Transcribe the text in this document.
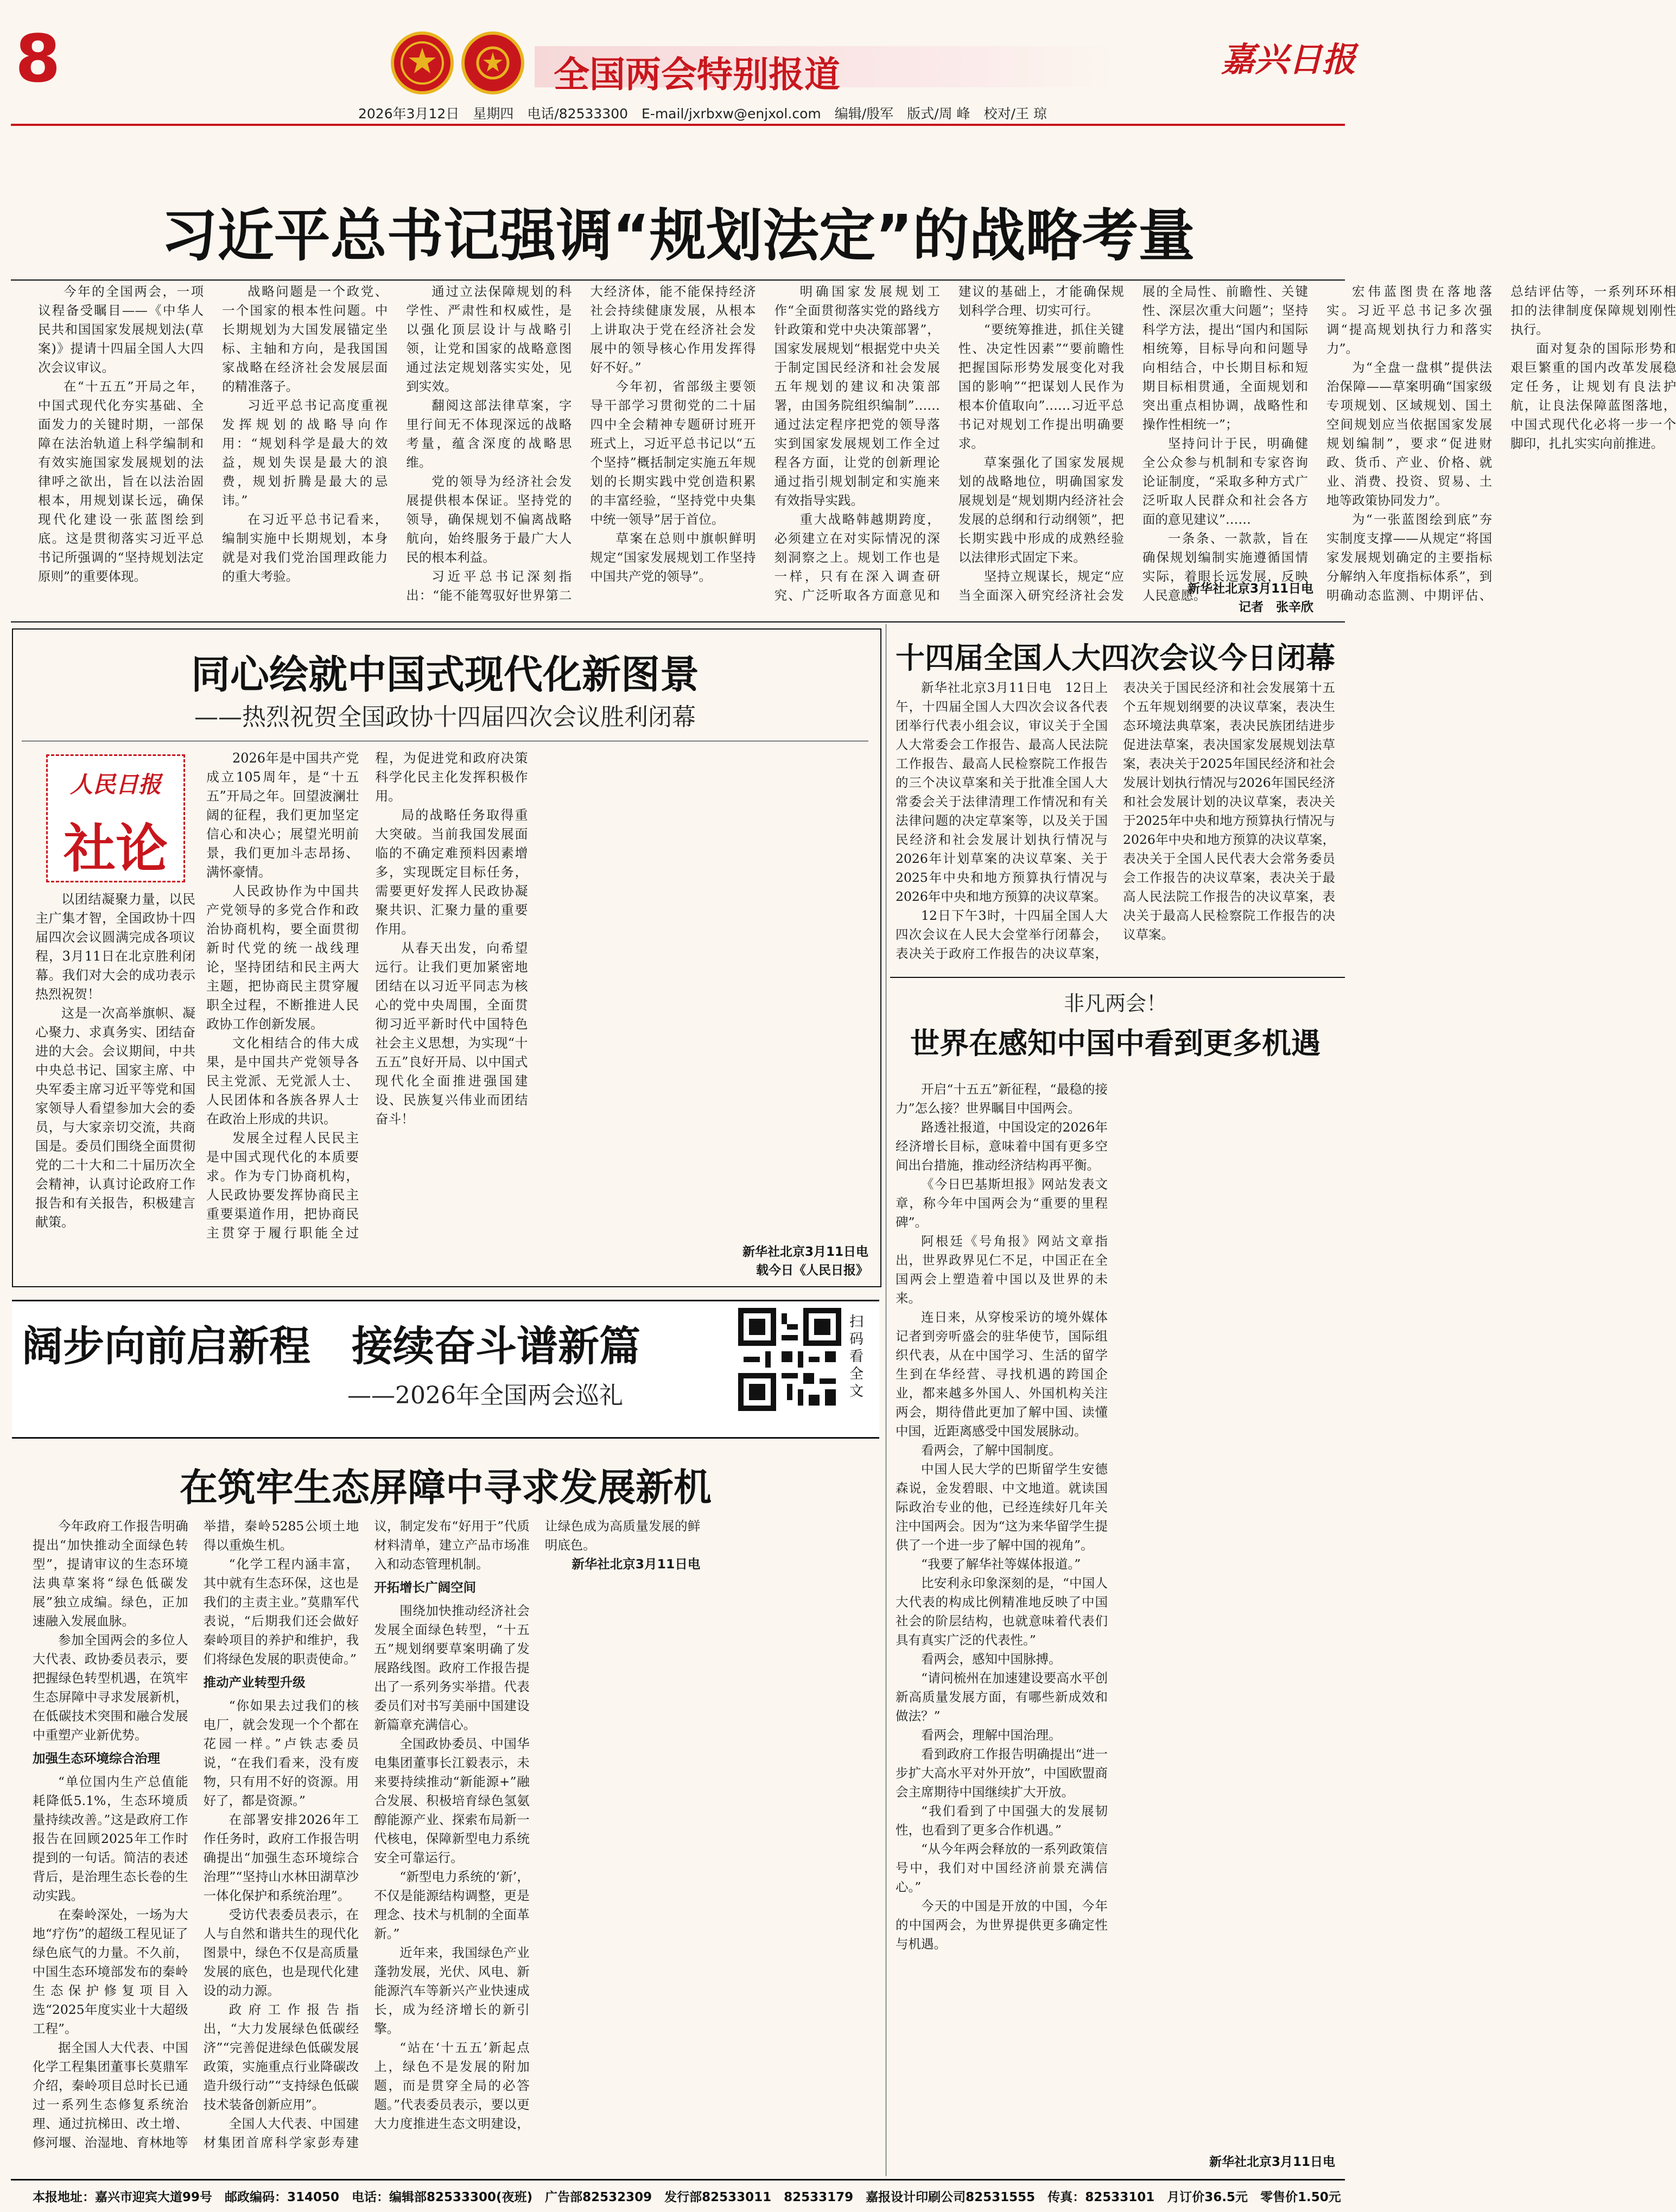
8	全国两会特别报道	嘉兴日报
2026年3月12日　星期四　电话/82533300　E-mail/jxrbxw@enjxol.com　编辑/殷军　版式/周 峰　校对/王 琼
习近平总书记强调“规划法定”的战略考量

今年的全国两会，一项议程备受瞩目——《中华人民共和国国家发展规划法(草案)》提请十四届全国人大四次会议审议。

在“十五五”开局之年，中国式现代化夯实基础、全面发力的关键时期，一部保障在法治轨道上科学编制和有效实施国家发展规划的法律呼之欲出，旨在以法治固根本，用规划谋长远，确保现代化建设一张蓝图绘到底。这是贯彻落实习近平总书记所强调的“坚持规划法定原则”的重要体现。

战略问题是一个政党、一个国家的根本性问题。中长期规划为大国发展锚定坐标、主轴和方向，是我国国家战略在经济社会发展层面的精准落子。

习近平总书记高度重视发挥规划的战略导向作用：“规划科学是最大的效益，规划失误是最大的浪费，规划折腾是最大的忌讳。”

在习近平总书记看来，编制实施中长期规划，本身就是对我们党治国理政能力的重大考验。

通过立法保障规划的科学性、严肃性和权威性，是以强化顶层设计与战略引领，让党和国家的战略意图通过法定规划落实实处，见到实效。

翻阅这部法律草案，字里行间无不体现深远的战略考量，蕴含深度的战略思维。

党的领导为经济社会发展提供根本保证。坚持党的领导，确保规划不偏离战略航向，始终服务于最广大人民的根本利益。

习近平总书记深刻指出：“能不能驾驭好世界第二大经济体，能不能保持经济社会持续健康发展，从根本上讲取决于党在经济社会发展中的领导核心作用发挥得好不好。”

今年初，省部级主要领导干部学习贯彻党的二十届四中全会精神专题研讨班开班式上，习近平总书记以“五个坚持”概括制定实施五年规划的长期实践中党创造积累的丰富经验，“坚持党中央集中统一领导”居于首位。

草案在总则中旗帜鲜明规定“国家发展规划工作坚持中国共产党的领导”。

明确国家发展规划工作“全面贯彻落实党的路线方针政策和党中央决策部署”，国家发展规划“根据党中央关于制定国民经济和社会发展五年规划的建议和决策部署，由国务院组织编制”……通过法定程序把党的领导落实到国家发展规划工作全过程各方面，让党的创新理论通过指引规划制定和实施来有效指导实践。

重大战略韩越期跨度，必须建立在对实际情况的深刻洞察之上。规划工作也是一样，只有在深入调查研究、广泛听取各方面意见和建议的基础上，才能确保规划科学合理、切实可行。

“要统筹推进，抓住关键性、决定性因素”“要前瞻性把握国际形势发展变化对我国的影响”“把谋划人民作为根本价值取向”……习近平总书记对规划工作提出明确要求。

草案强化了国家发展规划的战略地位，明确国家发展规划是“规划期内经济社会发展的总纲和行动纲领”，把长期实践中形成的成熟经验以法律形式固定下来。

坚持立规谋长，规定“应当全面深入研究经济社会发展的全局性、前瞻性、关键性、深层次重大问题”；坚持科学方法，提出“国内和国际相统筹，目标导向和问题导向相结合，中长期目标和短期目标相贯通，全面规划和突出重点相协调，战略性和操作性相统一”；

坚持问计于民，明确健全公众参与机制和专家咨询论证制度，“采取多种方式广泛听取人民群众和社会各方面的意见建议”……

一条条、一款款，旨在确保规划编制实施遵循国情实际，着眼长远发展，反映人民意愿。

宏伟蓝图贵在落地落实。习近平总书记多次强调“提高规划执行力和落实力”。

为“全盘一盘棋”提供法治保障——草案明确“国家级专项规划、区域规划、国土空间规划应当依据国家发展规划编制”，要求“促进财政、货币、产业、价格、就业、消费、投资、贸易、土地等政策协同发力”。

为“一张蓝图绘到底”夯实制度支撑——从规定“将国家发展规划确定的主要指标分解纳入年度指标体系”，到明确动态监测、中期评估、总结评估等，一系列环环相扣的法律制度保障规划刚性执行。

面对复杂的国际形势和艰巨繁重的国内改革发展稳定任务，让规划有良法护航，让良法保障蓝图落地，中国式现代化必将一步一个脚印，扎扎实实向前推进。

新华社北京3月11日电
记者　张辛欣
同心绘就中国式现代化新图景
——热烈祝贺全国政协十四届四次会议胜利闭幕
人民日报
社论

以团结凝聚力量，以民主广集才智，全国政协十四届四次会议圆满完成各项议程，3月11日在北京胜利闭幕。我们对大会的成功表示热烈祝贺！

这是一次高举旗帜、凝心聚力、求真务实、团结奋进的大会。会议期间，中共中央总书记、国家主席、中央军委主席习近平等党和国家领导人看望参加大会的委员，与大家亲切交流，共商国是。委员们围绕全面贯彻党的二十大和二十届历次全会精神，认真讨论政府工作报告和有关报告，积极建言献策。

2026年是中国共产党成立105周年，是“十五五”开局之年。回望波澜壮阔的征程，我们更加坚定信心和决心；展望光明前景，我们更加斗志昂扬、满怀豪情。

人民政协作为中国共产党领导的多党合作和政治协商机构，要全面贯彻新时代党的统一战线理论，坚持团结和民主两大主题，把协商民主贯穿履职全过程，不断推进人民政协工作创新发展。

文化相结合的伟大成果，是中国共产党领导各民主党派、无党派人士、人民团体和各族各界人士在政治上形成的共识。

发展全过程人民民主是中国式现代化的本质要求。作为专门协商机构，人民政协要发挥协商民主重要渠道作用，把协商民主贯穿于履行职能全过程，为促进党和政府决策科学化民主化发挥积极作用。

局的战略任务取得重大突破。当前我国发展面临的不确定难预料因素增多，实现既定目标任务，需要更好发挥人民政协凝聚共识、汇聚力量的重要作用。

从春天出发，向希望远行。让我们更加紧密地团结在以习近平同志为核心的党中央周围，全面贯彻习近平新时代中国特色社会主义思想，为实现“十五五”良好开局、以中国式现代化全面推进强国建设、民族复兴伟业而团结奋斗！

新华社北京3月11日电
载今日《人民日报》
十四届全国人大四次会议今日闭幕

新华社北京3月11日电　12日上午，十四届全国人大四次会议各代表团举行代表小组会议，审议关于全国人大常委会工作报告、最高人民法院工作报告、最高人民检察院工作报告的三个决议草案和关于批准全国人大常委会关于法律清理工作情况和有关法律问题的决定草案等，以及关于国民经济和社会发展计划执行情况与2026年计划草案的决议草案、关于2025年中央和地方预算执行情况与2026年中央和地方预算的决议草案。

12日下午3时，十四届全国人大四次会议在人民大会堂举行闭幕会，表决关于政府工作报告的决议草案，表决关于国民经济和社会发展第十五个五年规划纲要的决议草案，表决生态环境法典草案，表决民族团结进步促进法草案，表决国家发展规划法草案，表决关于2025年国民经济和社会发展计划执行情况与2026年国民经济和社会发展计划的决议草案，表决关于2025年中央和地方预算执行情况与2026年中央和地方预算的决议草案，表决关于全国人民代表大会常务委员会工作报告的决议草案，表决关于最高人民法院工作报告的决议草案，表决关于最高人民检察院工作报告的决议草案。

非凡两会！
世界在感知中国中看到更多机遇

开启“十五五”新征程，“最稳的接力”怎么接？世界瞩目中国两会。

路透社报道，中国设定的2026年经济增长目标，意味着中国有更多空间出台措施，推动经济结构再平衡。

《今日巴基斯坦报》网站发表文章，称今年中国两会为“重要的里程碑”。

阿根廷《号角报》网站文章指出，世界政界见仁不足，中国正在全国两会上塑造着中国以及世界的未来。

连日来，从穿梭采访的境外媒体记者到旁听盛会的驻华使节，国际组织代表，从在中国学习、生活的留学生到在华经营、寻找机遇的跨国企业，都来越多外国人、外国机构关注两会，期待借此更加了解中国、读懂中国，近距离感受中国发展脉动。

看两会，了解中国制度。

中国人民大学的巴斯留学生安德森说，金发碧眼、中文地道。就读国际政治专业的他，已经连续好几年关注中国两会。因为“这为来华留学生提供了一个进一步了解中国的视角”。

“我要了解华社等媒体报道。”

比安利永印象深刻的是，“中国人大代表的构成比例精准地反映了中国社会的阶层结构，也就意味着代表们具有真实广泛的代表性。”

看两会，感知中国脉搏。

“请问梳州在加速建设要高水平创新高质量发展方面，有哪些新成效和做法？”

看两会，理解中国治理。

看到政府工作报告明确提出“进一步扩大高水平对外开放”，中国欧盟商会主席期待中国继续扩大开放。

“我们看到了中国强大的发展韧性，也看到了更多合作机遇。”

“从今年两会释放的一系列政策信号中，我们对中国经济前景充满信心。”

今天的中国是开放的中国，今年的中国两会，为世界提供更多确定性与机遇。

新华社北京3月11日电
阔步向前启新程　接续奋斗谱新篇
——2026年全国两会巡礼
扫码看全文
在筑牢生态屏障中寻求发展新机

今年政府工作报告明确提出“加快推动全面绿色转型”，提请审议的生态环境法典草案将“绿色低碳发展”独立成编。绿色，正加速融入发展血脉。

参加全国两会的多位人大代表、政协委员表示，要把握绿色转型机遇，在筑牢生态屏障中寻求发展新机，在低碳技术突围和融合发展中重塑产业新优势。

加强生态环境综合治理

“单位国内生产总值能耗降低5.1%，生态环境质量持续改善。”这是政府工作报告在回顾2025年工作时提到的一句话。简洁的表述背后，是治理生态长卷的生动实践。

在秦岭深处，一场为大地“疗伤”的超级工程见证了绿色底气的力量。不久前，中国生态环境部发布的秦岭生态保护修复项目入选“2025年度实业十大超级工程”。

据全国人大代表、中国化学工程集团董事长莫鼎军介绍，秦岭项目总时长已通过一系列生态修复系统治理、通过抗梯田、改土增、修河堰、治湿地、育林地等举措，秦岭5285公顷土地得以重焕生机。

“化学工程内涵丰富，其中就有生态环保，这也是我们的主责主业。”莫鼎军代表说，“后期我们还会做好秦岭项目的养护和维护，我们将绿色发展的职责使命。”

推动产业转型升级

“你如果去过我们的核电厂，就会发现一个个都在花园一样。”卢铁志委员说，“在我们看来，没有废物，只有用不好的资源。用好了，都是资源。”

在部署安排2026年工作任务时，政府工作报告明确提出“加强生态环境综合治理”“坚持山水林田湖草沙一体化保护和系统治理”。

受访代表委员表示，在人与自然和谐共生的现代化图景中，绿色不仅是高质量发展的底色，也是现代化建设的动力源。

政府工作报告指出，“大力发展绿色低碳经济”“完善促进绿色低碳发展政策，实施重点行业降碳改造升级行动”“支持绿色低碳技术装备创新应用”。

全国人大代表、中国建材集团首席科学家彭寿建议，制定发布“好用于”代质材料清单，建立产品市场准入和动态管理机制。

开拓增长广阔空间

围绕加快推动经济社会发展全面绿色转型，“十五五”规划纲要草案明确了发展路线图。政府工作报告提出了一系列务实举措。代表委员们对书写美丽中国建设新篇章充满信心。

全国政协委员、中国华电集团董事长江毅表示，未来要持续推动“新能源+”融合发展、积极培育绿色氢氨醇能源产业、探索布局新一代核电，保障新型电力系统安全可靠运行。

“新型电力系统的‘新’，不仅是能源结构调整，更是理念、技术与机制的全面革新。”

近年来，我国绿色产业蓬勃发展，光伏、风电、新能源汽车等新兴产业快速成长，成为经济增长的新引擎。

“站在‘十五五’新起点上，绿色不是发展的附加题，而是贯穿全局的必答题。”代表委员表示，要以更大力度推进生态文明建设，让绿色成为高质量发展的鲜明底色。

新华社北京3月11日电

本报地址：嘉兴市迎宾大道99号　邮政编码：314050　电话：编辑部82533300(夜班)　广告部82532309　发行部82533011　82533179　嘉报设计印刷公司82531555　传真：82533101　月订价36.5元　零售价1.50元
